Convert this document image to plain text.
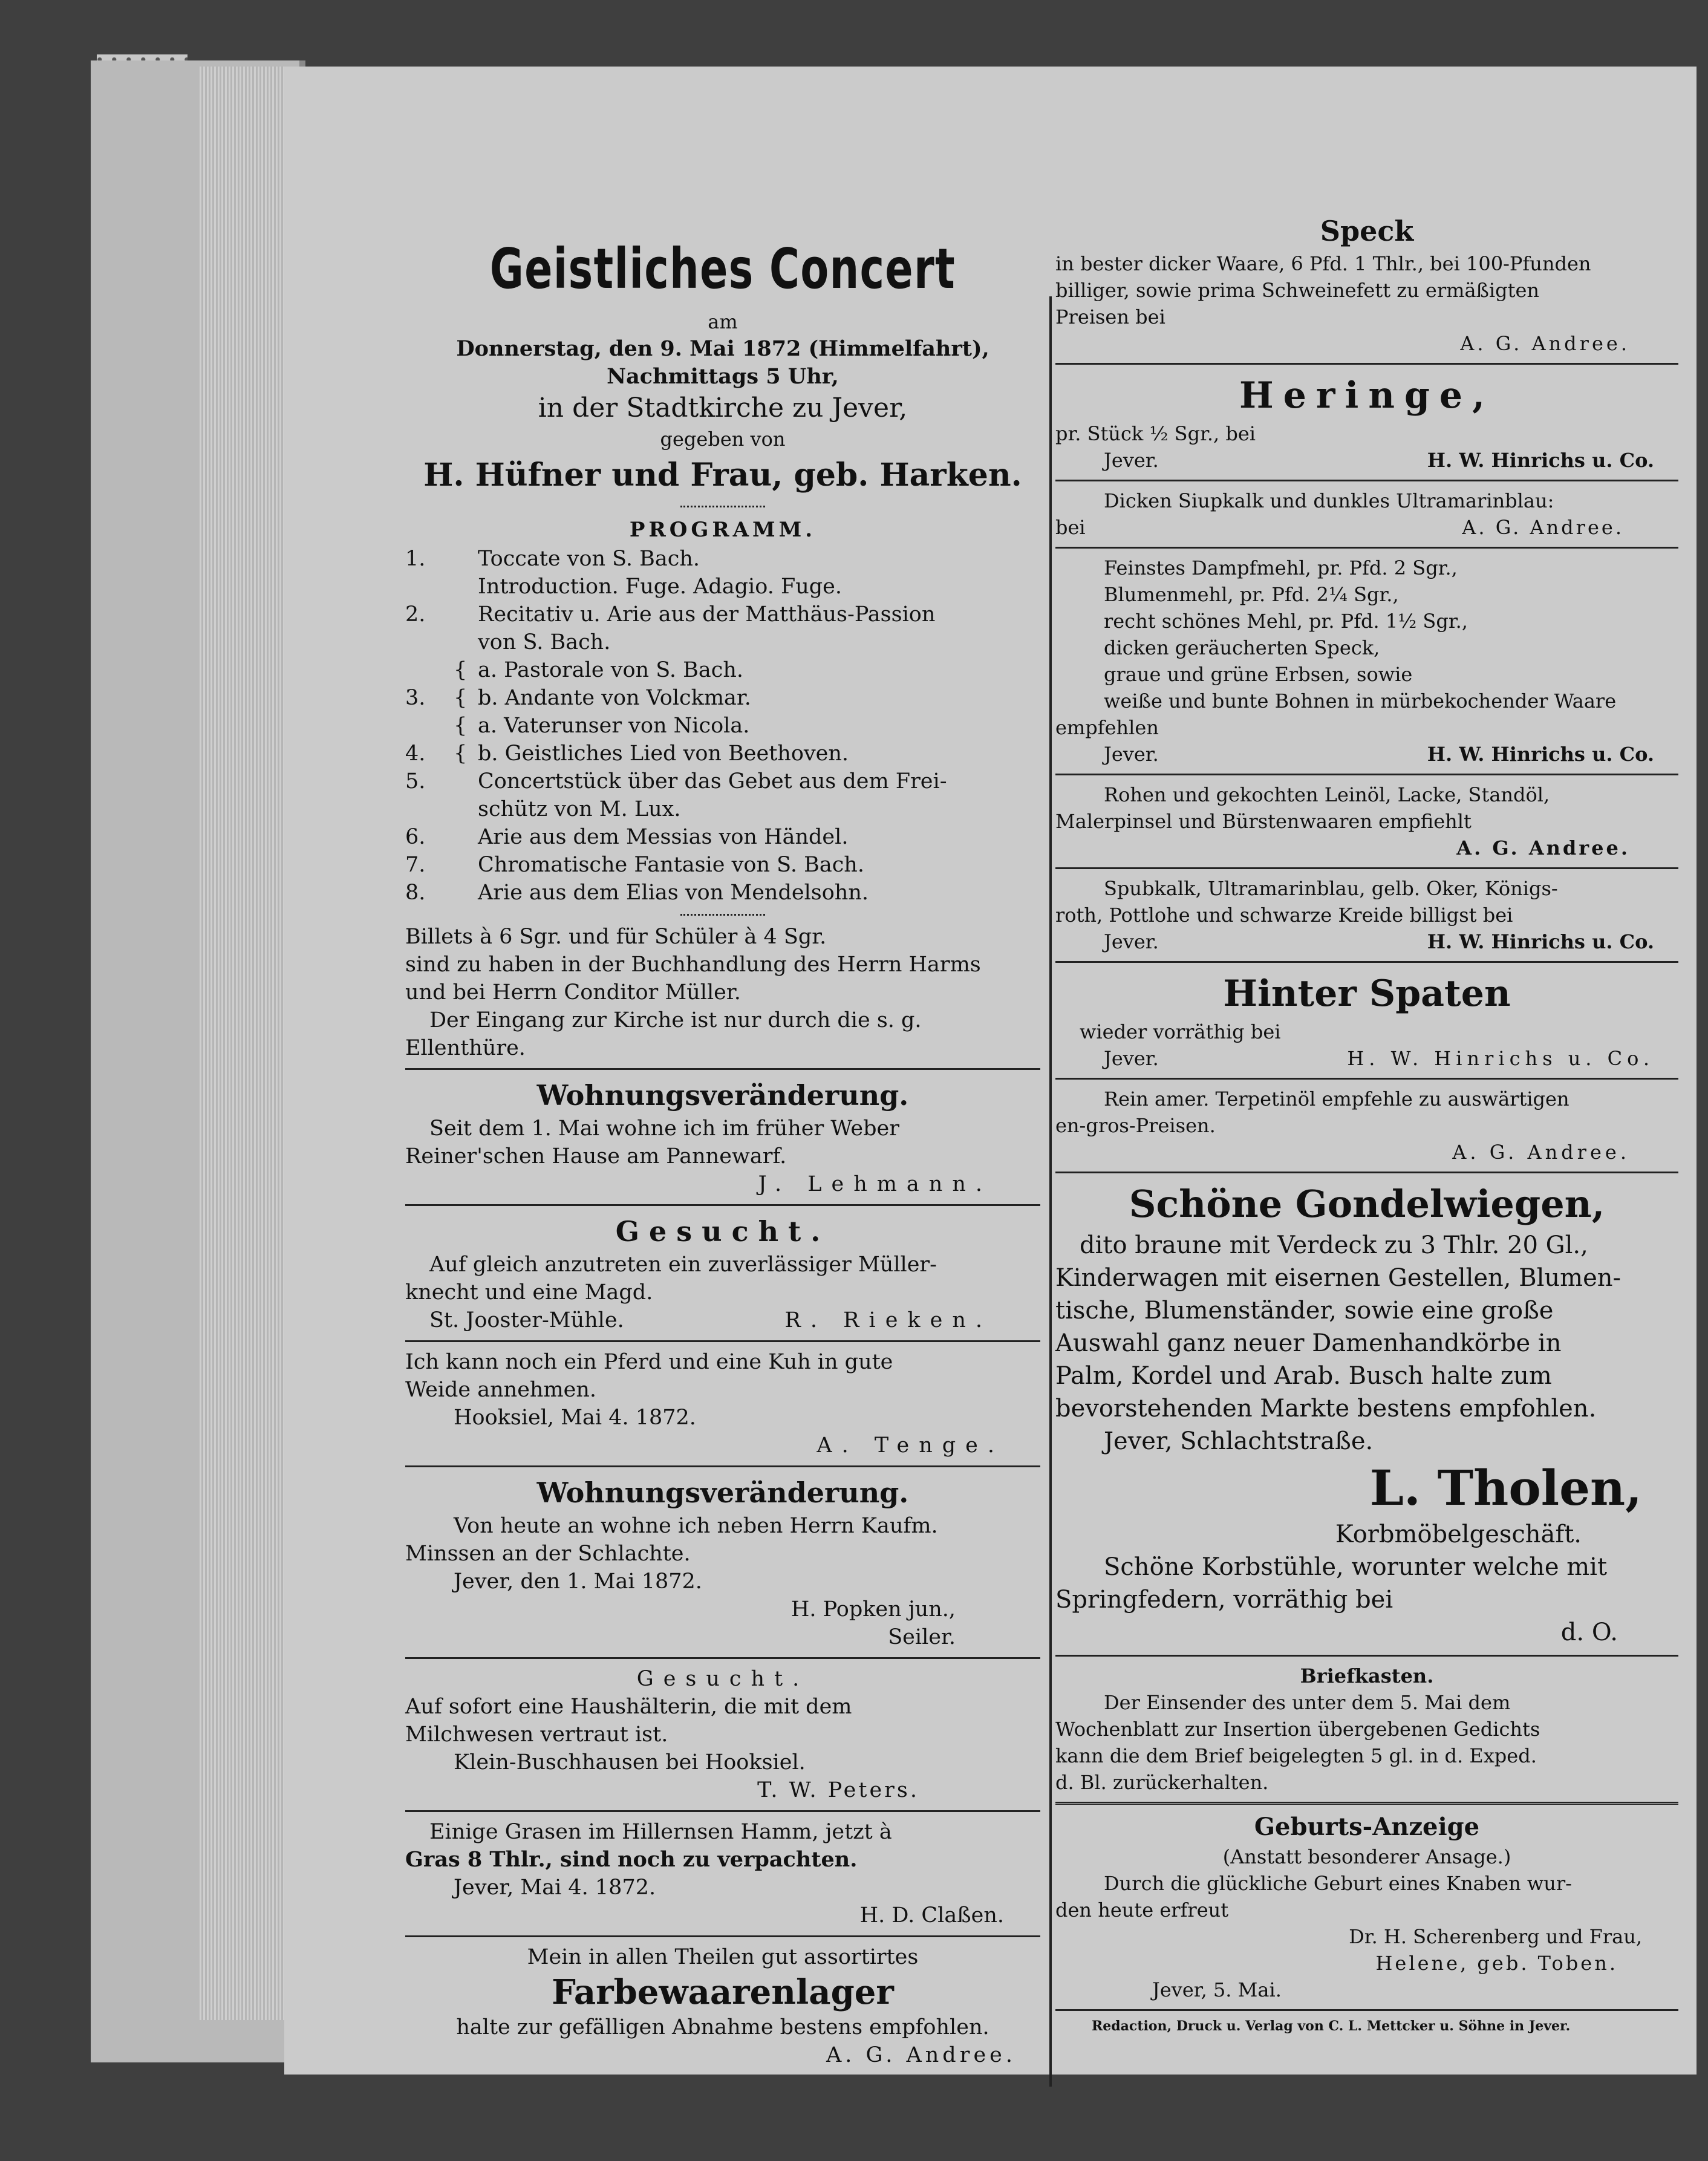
Geistliches Concert
am
Donnerstag, den 9. Mai 1872 (Himmelfahrt),
Nachmittags 5 Uhr,
in der Stadtkirche zu Jever,
gegeben von
H. Hüfner und Frau, geb. Harken.
PROGRAMM.
1.	Toccate von S. Bach.
Introduction. Fuge. Adagio. Fuge.
2.	Recitativ u. Arie aus der Matthäus-Passion
von S. Bach.
{ a. Pastorale von S. Bach.
3.	{ b. Andante von Volckmar.
{ a. Vaterunser von Nicola.
4.	{ b. Geistliches Lied von Beethoven.
5.	Concertstück über das Gebet aus dem Frei-
schütz von M. Lux.
6.	Arie aus dem Messias von Händel.
7.	Chromatische Fantasie von S. Bach.
8.	Arie aus dem Elias von Mendelsohn.
Billets à 6 Sgr. und für Schüler à 4 Sgr.
sind zu haben in der Buchhandlung des Herrn Harms
und bei Herrn Conditor Müller.
Der Eingang zur Kirche ist nur durch die s. g.
Ellenthüre.
Wohnungsveränderung.
Seit dem 1. Mai wohne ich im früher Weber
Reiner'schen Hause am Pannewarf.
J. Lehmann.
Gesucht.
Auf gleich anzutreten ein zuverlässiger Müller-
knecht und eine Magd.
St. Jooster-Mühle.	R. Rieken.
Ich kann noch ein Pferd und eine Kuh in gute
Weide annehmen.
Hooksiel, Mai 4. 1872.
A. Tenge.
Wohnungsveränderung.
Von heute an wohne ich neben Herrn Kaufm.
Minssen an der Schlachte.
Jever, den 1. Mai 1872.
H. Popken jun.,
Seiler.
Gesucht.
Auf sofort eine Haushälterin, die mit dem
Milchwesen vertraut ist.
Klein-Buschhausen bei Hooksiel.
T. W. Peters.
Einige Grasen im Hillernsen Hamm, jetzt à
Gras 8 Thlr., sind noch zu verpachten.
Jever, Mai 4. 1872.
H. D. Claßen.
Mein in allen Theilen gut assortirtes
Farbewaarenlager
halte zur gefälligen Abnahme bestens empfohlen.
A. G. Andree.
Speck
in bester dicker Waare, 6 Pfd. 1 Thlr., bei 100-Pfunden
billiger, sowie prima Schweinefett zu ermäßigten
Preisen bei
A. G. Andree.
Heringe,
pr. Stück ½ Sgr., bei
Jever.	H. W. Hinrichs u. Co.
Dicken Siupkalk und dunkles Ultramarinblau:
bei	A. G. Andree.
Feinstes Dampfmehl, pr. Pfd. 2 Sgr.,
Blumenmehl, pr. Pfd. 2¼ Sgr.,
recht schönes Mehl, pr. Pfd. 1½ Sgr.,
dicken geräucherten Speck,
graue und grüne Erbsen, sowie
weiße und bunte Bohnen in mürbekochender Waare
empfehlen
Jever.	H. W. Hinrichs u. Co.
Rohen und gekochten Leinöl, Lacke, Standöl,
Malerpinsel und Bürstenwaaren empfiehlt
A. G. Andree.
Spubkalk, Ultramarinblau, gelb. Oker, Königs-
roth, Pottlohe und schwarze Kreide billigst bei
Jever.	H. W. Hinrichs u. Co.
Hinter Spaten
wieder vorräthig bei
Jever.	H. W. Hinrichs u. Co.
Rein amer. Terpetinöl empfehle zu auswärtigen
en-gros-Preisen.
A. G. Andree.
Schöne Gondelwiegen,
dito braune mit Verdeck zu 3 Thlr. 20 Gl.,
Kinderwagen mit eisernen Gestellen, Blumen-
tische, Blumenständer, sowie eine große
Auswahl ganz neuer Damenhandkörbe in
Palm, Kordel und Arab. Busch halte zum
bevorstehenden Markte bestens empfohlen.
Jever, Schlachtstraße.
L. Tholen,
Korbmöbelgeschäft.
Schöne Korbstühle, worunter welche mit
Springfedern, vorräthig bei
d. O.
Briefkasten.
Der Einsender des unter dem 5. Mai dem
Wochenblatt zur Insertion übergebenen Gedichts
kann die dem Brief beigelegten 5 gl. in d. Exped.
d. Bl. zurückerhalten.
Geburts-Anzeige
(Anstatt besonderer Ansage.)
Durch die glückliche Geburt eines Knaben wur-
den heute erfreut
Dr. H. Scherenberg und Frau,
Helene, geb. Toben.
Jever, 5. Mai.
Redaction, Druck u. Verlag von C. L. Mettcker u. Söhne in Jever.
